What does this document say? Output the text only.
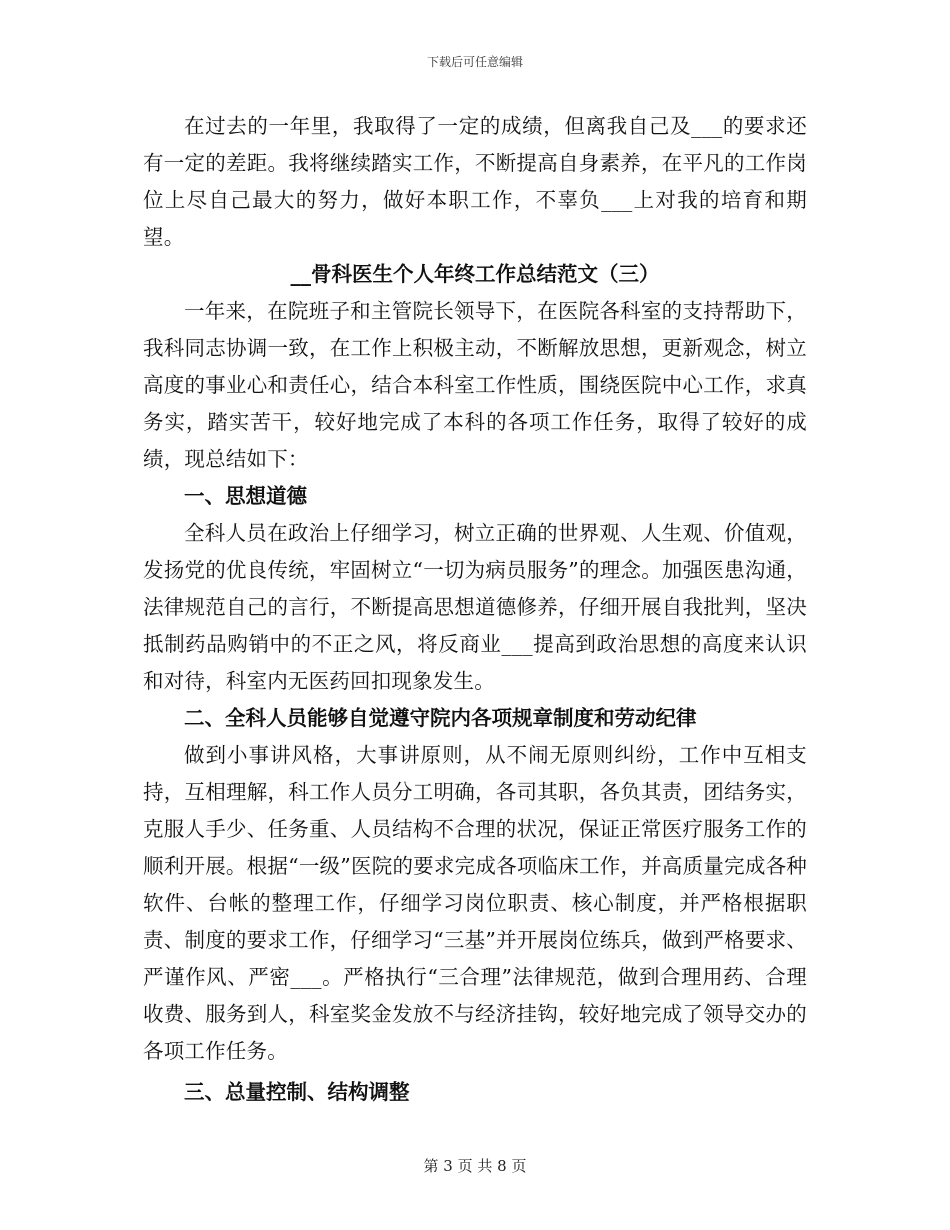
下载后可任意编辑

在过去的一年里，我取得了一定的成绩，但离我自己及___的要求还有一定的差距。我将继续踏实工作，不断提高自身素养，在平凡的工作岗位上尽自己最大的努力，做好本职工作，不辜负___上对我的培育和期望。

__骨科医生个人年终工作总结范文（三）

一年来，在院班子和主管院长领导下，在医院各科室的支持帮助下，我科同志协调一致，在工作上积极主动，不断解放思想，更新观念，树立高度的事业心和责任心，结合本科室工作性质，围绕医院中心工作，求真务实，踏实苦干，较好地完成了本科的各项工作任务，取得了较好的成绩，现总结如下：

一、思想道德

全科人员在政治上仔细学习，树立正确的世界观、人生观、价值观，发扬党的优良传统，牢固树立“一切为病员服务”的理念。加强医患沟通，法律规范自己的言行，不断提高思想道德修养，仔细开展自我批判，坚决抵制药品购销中的不正之风，将反商业___提高到政治思想的高度来认识和对待，科室内无医药回扣现象发生。

二、全科人员能够自觉遵守院内各项规章制度和劳动纪律

做到小事讲风格，大事讲原则，从不闹无原则纠纷，工作中互相支持，互相理解，科工作人员分工明确，各司其职，各负其责，团结务实，克服人手少、任务重、人员结构不合理的状况，保证正常医疗服务工作的顺利开展。根据“一级”医院的要求完成各项临床工作，并高质量完成各种软件、台帐的整理工作，仔细学习岗位职责、核心制度，并严格根据职责、制度的要求工作，仔细学习“三基”并开展岗位练兵，做到严格要求、严谨作风、严密___。严格执行“三合理”法律规范，做到合理用药、合理收费、服务到人，科室奖金发放不与经济挂钩，较好地完成了领导交办的各项工作任务。

三、总量控制、结构调整

第 3 页 共 8 页
